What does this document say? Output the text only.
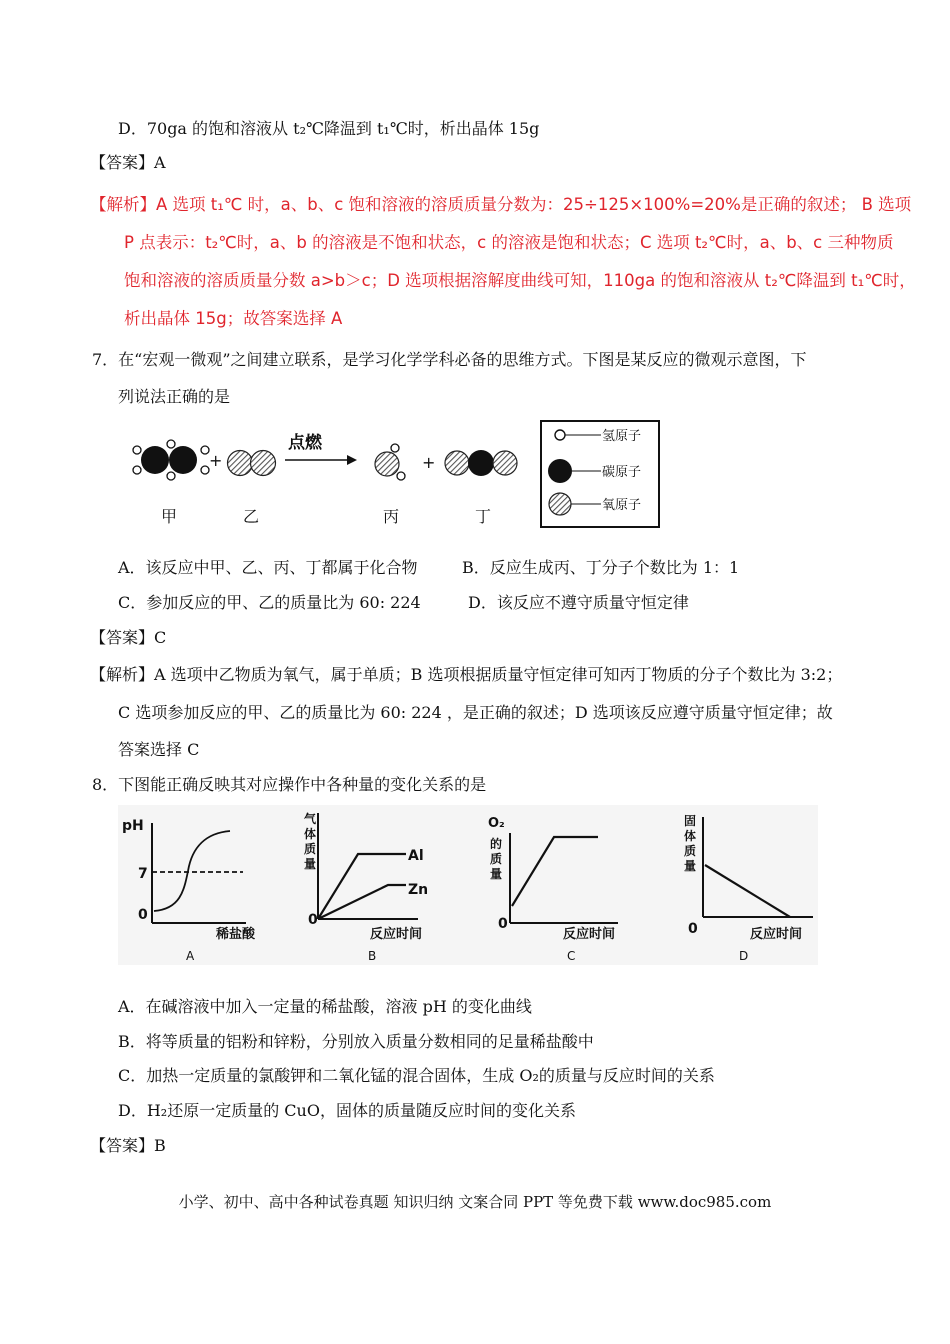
D．70ga 的饱和溶液从 t₂℃降温到 t₁℃时，析出晶体 15g
【答案】A
【解析】A 选项 t₁℃ 时，a、b、c 饱和溶液的溶质质量分数为：25÷125×100%=20%是正确的叙述； B 选项
P 点表示：t₂℃时，a、b 的溶液是不饱和状态，c 的溶液是饱和状态；C 选项 t₂℃时，a、b、c 三种物质
饱和溶液的溶质质量分数 a>b＞c；D 选项根据溶解度曲线可知，110ga 的饱和溶液从 t₂℃降温到 t₁℃时，
析出晶体 15g；故答案选择 A
7．在“宏观一微观”之间建立联系，是学习化学学科必备的思维方式。下图是某反应的微观示意图，下
列说法正确的是
+
点燃
+
甲	乙	丙	丁
氢原子
碳原子
氧原子
A．该反应中甲、乙、丙、丁都属于化合物	B．反应生成丙、丁分子个数比为 1：1
C．参加反应的甲、乙的质量比为 60: 224	D．该反应不遵守质量守恒定律
【答案】C
【解析】A 选项中乙物质为氧气，属于单质；B 选项根据质量守恒定律可知丙丁物质的分子个数比为 3:2；
C 选项参加反应的甲、乙的质量比为 60: 224 ，是正确的叙述；D 选项该反应遵守质量守恒定律；故
答案选择 C
8．下图能正确反映其对应操作中各种量的变化关系的是
pH
7
0
稀盐酸
A
气
体
质
量
0
Al
Zn
反应时间
B
O₂
的
质
量
0
反应时间
C
固
体
质
量
0	反应时间
D
A．在碱溶液中加入一定量的稀盐酸，溶液 pH 的变化曲线
B．将等质量的铝粉和锌粉，分别放入质量分数相同的足量稀盐酸中
C．加热一定质量的氯酸钾和二氧化锰的混合固体，生成 O₂的质量与反应时间的关系
D．H₂还原一定质量的 CuO，固体的质量随反应时间的变化关系
【答案】B
小学、初中、高中各种试卷真题 知识归纳 文案合同 PPT 等免费下载 www.doc985.com
